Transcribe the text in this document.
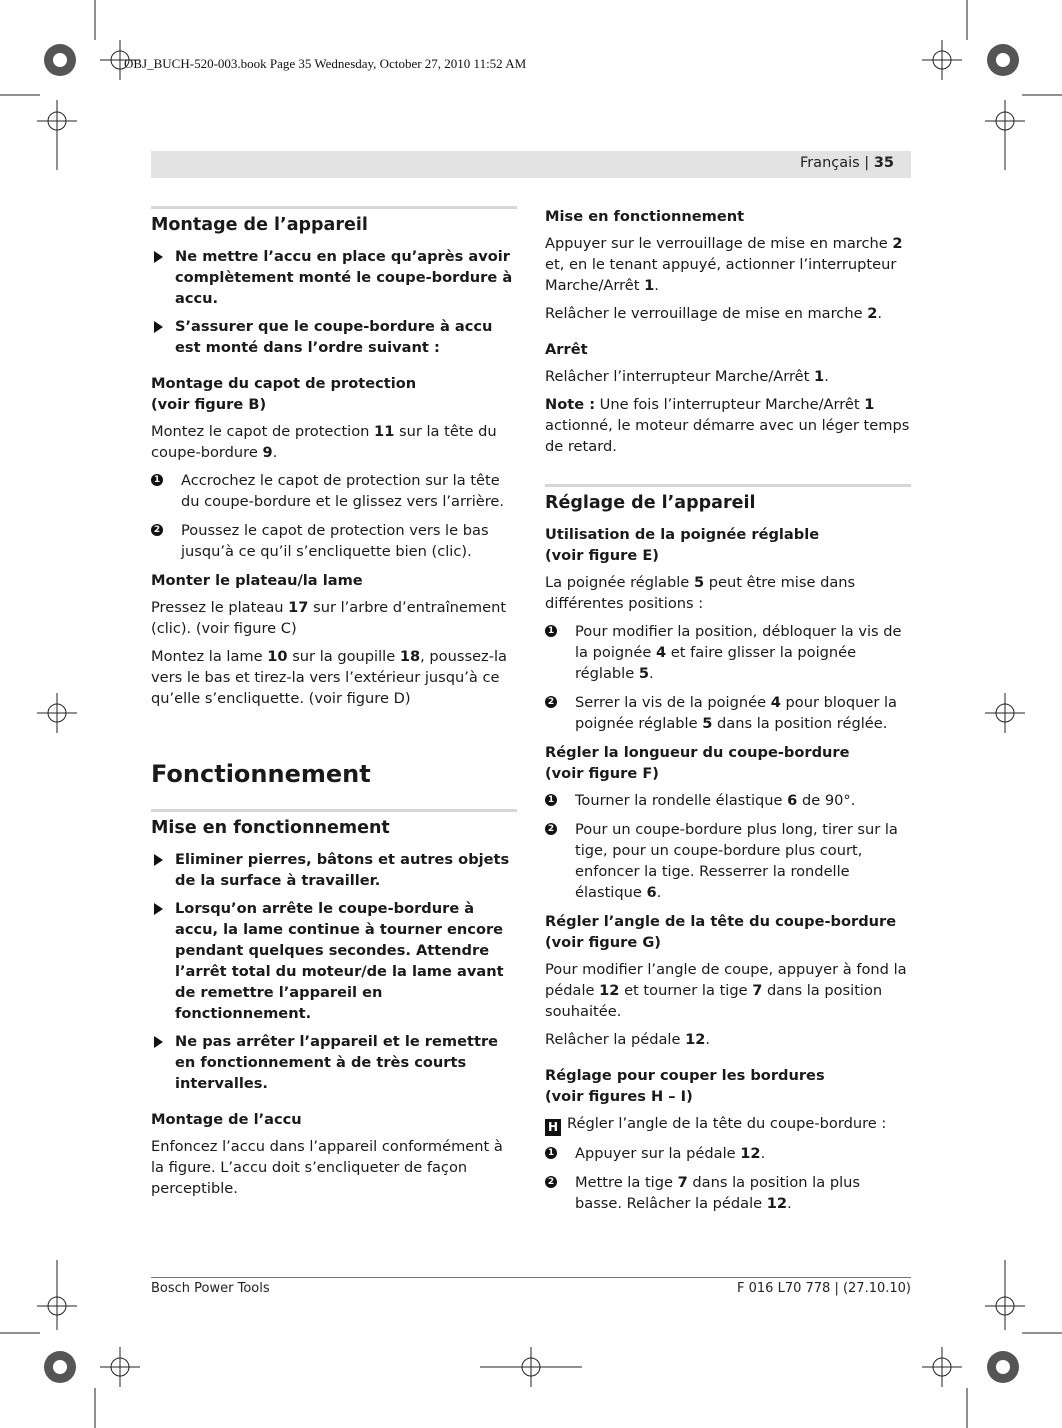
OBJ_BUCH-520-003.book Page 35 Wednesday, October 27, 2010 11:52 AM
Français | 35
Montage de l’appareil
Ne mettre l’accu en place qu’après avoir complètement monté le coupe-bordure à accu.
S’assurer que le coupe-bordure à accu est monté dans l’ordre suivant :
Montage du capot de protection
(voir figure B)

Montez le capot de protection 11 sur la tête du coupe-bordure 9.

1 Accrochez le capot de protection sur la tête du coupe-bordure et le glissez vers l’arrière.
2 Poussez le capot de protection vers le bas jusqu’à ce qu’il s’encliquette bien (clic).
Monter le plateau/la lame

Pressez le plateau 17 sur l’arbre d’entraînement (clic). (voir figure C)

Montez la lame 10 sur la goupille 18, poussez-la vers le bas et tirez-la vers l’extérieur jusqu’à ce qu’elle s’encliquette. (voir figure D)

Fonctionnement
Mise en fonctionnement
Eliminer pierres, bâtons et autres objets de la surface à travailler.
Lorsqu’on arrête le coupe-bordure à accu, la lame continue à tourner encore pendant quelques secondes. Attendre l’arrêt total du moteur/de la lame avant de remettre l’appareil en fonctionnement.
Ne pas arrêter l’appareil et le remettre en fonctionnement à de très courts intervalles.
Montage de l’accu

Enfoncez l’accu dans l’appareil conformément à la figure. L’accu doit s’encliqueter de façon perceptible.

Mise en fonctionnement

Appuyer sur le verrouillage de mise en marche 2 et, en le tenant appuyé, actionner l’interrupteur Marche/Arrêt 1.

Relâcher le verrouillage de mise en marche 2.

Arrêt

Relâcher l’interrupteur Marche/Arrêt 1.

Note : Une fois l’interrupteur Marche/Arrêt 1 actionné, le moteur démarre avec un léger temps de retard.

Réglage de l’appareil
Utilisation de la poignée réglable
(voir figure E)

La poignée réglable 5 peut être mise dans différentes positions :

1 Pour modifier la position, débloquer la vis de la poignée 4 et faire glisser la poignée réglable 5.
2 Serrer la vis de la poignée 4 pour bloquer la poignée réglable 5 dans la position réglée.
Régler la longueur du coupe-bordure
(voir figure F)
1 Tourner la rondelle élastique 6 de 90°.
2 Pour un coupe-bordure plus long, tirer sur la tige, pour un coupe-bordure plus court, enfoncer la tige. Resserrer la rondelle élastique 6.
Régler l’angle de la tête du coupe-bordure
(voir figure G)

Pour modifier l’angle de coupe, appuyer à fond la pédale 12 et tourner la tige 7 dans la position souhaitée.

Relâcher la pédale 12.

Réglage pour couper les bordures
(voir figures H – I)

H Régler l’angle de la tête du coupe-bordure :

1 Appuyer sur la pédale 12.
2 Mettre la tige 7 dans la position la plus basse. Relâcher la pédale 12.
Bosch Power Tools	F 016 L70 778 | (27.10.10)
